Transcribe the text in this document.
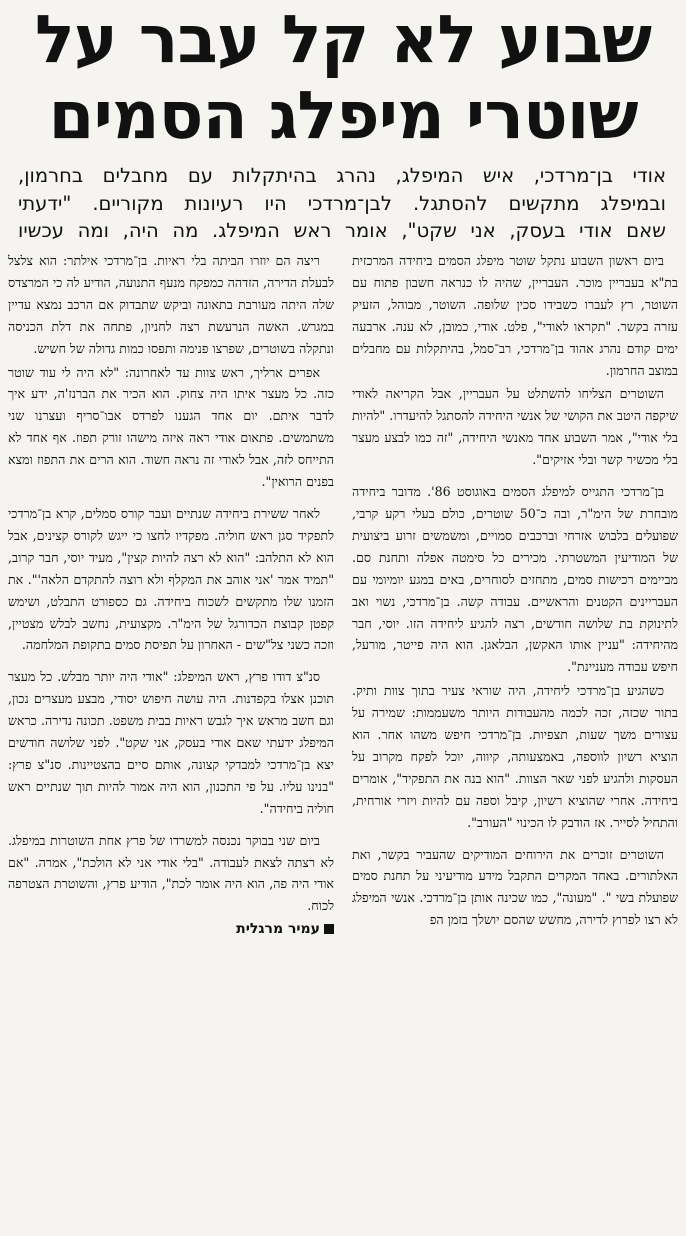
שבוע לא קל עבר על
שוטרי מיפלג הסמים
אודי בן־מרדכי, איש המיפלג, נהרג בהיתקלות עם מחבלים בחרמון,
ובמיפלג מתקשים להסתגל. לבן־מרדכי היו רעיונות מקוריים. "ידעתי
שאם אודי בעסק, אני שקט", אומר ראש המיפלג. מה היה, ומה עכשיו

ביום ראשון השבוע נתקל שוטר מיפלג הסמים ביחידה המרכזית בת"א בעבריין מוכר. העבריין, שהיה לו כנראה חשבון פתוח עם השוטר, רץ לעברו כשבידו סכין שלופה. השוטר, מבוהל, הזעיק עזרה בקשר. "תקראו לאודי", פלט. אודי, כמובן, לא ענה. ארבעה ימים קודם נהרג אהוד בן־מרדכי, רב־סמל, בהיתקלות עם מחבלים במוצב החרמון.

השוטרים הצליחו להשתלט על העבריין, אבל הקריאה לאודי שיקפה היטב את הקושי של אנשי היחידה להסתגל להיעדרו. "להיות בלי אודי", אמר השבוע אחד מאנשי היחידה, "זה כמו לבצע מעצר בלי מכשיר קשר ובלי אזיקים".

בן־מרדכי התגייס למיפלג הסמים באוגוסט 86'. מדובר ביחידה מובחרת של הימ"ר, ובה כ־50 שוטרים, כולם בעלי רקע קרבי, שפועלים בלבוש אזרחי וברכבים סמויים, ומשמשים זרוע ביצועית של המודיעין המשטרתי. מכירים כל סימטה אפלה ותחנת סם. מביימים רכישות סמים, מתחזים לסוחרים, באים במגע יומיומי עם העבריינים הקטנים והראשיים. עבודה קשה. בן־מרדכי, נשוי ואב לתינוקת בת שלושה חודשים, רצה להגיע ליחידה הזו. יוסי, חבר מהיחידה: "עניין אותו האקשן, הבלאגן. הוא היה פייטר, מורעל, חיפש עבודה מעניינת".

כשהגיע בן־מרדכי ליחידה, היה שוראי צעיר בתוך צוות ותיק. בתור שכזה, זכה לכמה מהעבודות היותר משעממות: שמירה על עצורים משך שעות, תצפיות. בן־מרדכי חיפש משהו אחר. הוא הוציא רשיון לווספה, באמצעותה, קיווה, יוכל לפקח מקרוב על העסקות ולהגיע לפני שאר הצוות. "הוא בנה את התפקיד", אומרים ביחידה. אחרי שהוציא רשיון, קיבל וספה עם להיות ויזרי אורחית, והתחיל לסייר. אז הודבק לו הכינוי "העורב".

השוטרים זוכרים את הירוחים המודיקים שהעביר בקשר, ואת האלתורים. באחד המקרים התקבל מידע מודיעיני על תחנת סמים שפועלת בשי ". "מעונה", כמו שכינה אותן בן־מרדכי. אנשי המיפלג לא רצו לפרוץ לדירה, מחשש שהסם יושלך בזמן הפ

ריצה הם יוזרו הביתה בלי ראיות. בן־מרדכי אילתר: הוא צלצל לבעלת הדירה, הזדהה כמפקח מנעף התנועה, הודיע לה כי המרצדס שלה היתה מעורבת בתאונה וביקש שתבדוק אם הרכב נמצא עדיין במגרש. האשה הנרעשת רצה לחניון, פתחה את דלת הכניסה ונתקלה בשוטרים, שפרצו פנימה ותפסו כמות גדולה של חשיש.

אפרים ארליך, ראש צוות עד לאחרונה: "לא היה לי עוד שוטר כזה. כל מעצר איתו היה צחוק. הוא הכיר את הברנז'ה, ידע איך לדבר איתם. יום אחד הגענו לפרדס אבו־סריף ועצרנו שני משתמשים. פתאום אודי ראה איזה מישהו זורק תפוז. אף אחד לא התייחס לזה, אבל לאודי זה נראה חשוד. הוא הרים את התפוז ומצא בפנים הרואין".

לאחר ששירת ביחידה שנתיים ועבר קורס סמלים, קרא בן־מרדכי לתפקיד סגן ראש חוליה. מפקדיו לחצו כי ייגש לקורס קצינים, אבל הוא לא התלהב: "הוא לא רצה להיות קצין", מעיד יוסי, חבר קרוב, "תמיד אמר 'אני אוהב את המקלף ולא רוצה להתקדם הלאה'". את הזמנו שלו מתקשים לשכוח ביחידה. גם כספורט התבלט, ושימש קפטן קבוצת הכדורגל של הימ"ר. מקצועית, נחשב לבלש מצטיין, וזכה כשני צל"שים - האחרון על תפיסת סמים בתקופת המלחמה.

סנ"צ דודו פרץ, ראש המיפלג: "אודי היה יותר מבלש. כל מעצר תוכנן אצלו בקפדנות. היה עושה חיפוש יסודי, מבצע מעצרים נכון, וגם חשב מראש איך לגבש ראיות בבית משפט. תכונה נדירה. כראש המיפלג ידעתי שאם אודי בעסק, אני שקט". לפני שלושה חודשים יצא בן־מרדכי למבדקי קצונה, אותם סיים בהצטיינות. סנ"צ פרץ: "בנינו עליו. על פי התכנון, הוא היה אמור להיות תוך שנתיים ראש חוליה ביחידה".

ביום שני בבוקר נכנסה למשרדו של פרץ אחת השוטרות במיפלג. לא רצתה לצאת לעבודה. "בלי אודי אני לא הולכת", אמרה. "אם אודי היה פה, הוא היה אומר לכת", הודיע פרץ, והשוטרת הצטרפה לכוח.

עמיר מרגלית
